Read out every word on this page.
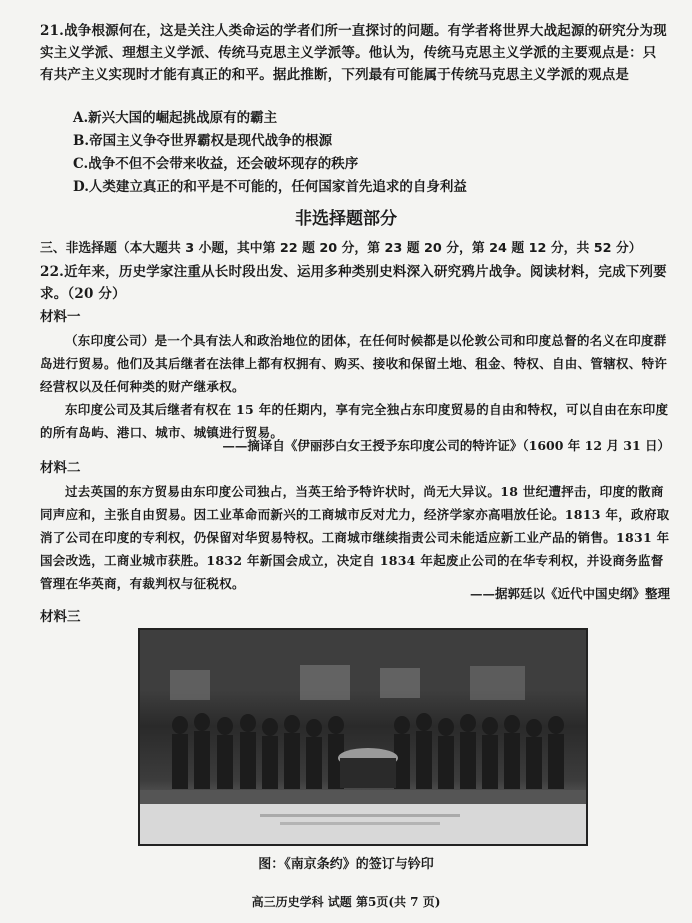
21.战争根源何在，这是关注人类命运的学者们所一直探讨的问题。有学者将世界大战起源的研究分为现实主义学派、理想主义学派、传统马克思主义学派等。他认为，传统马克思主义学派的主要观点是：只有共产主义实现时才能有真正的和平。据此推断，下列最有可能属于传统马克思主义学派的观点是
A.新兴大国的崛起挑战原有的霸主
B.帝国主义争夺世界霸权是现代战争的根源
C.战争不但不会带来收益，还会破坏现存的秩序
D.人类建立真正的和平是不可能的，任何国家首先追求的自身利益
非选择题部分
三、非选择题（本大题共 3 小题，其中第 22 题 20 分，第 23 题 20 分，第 24 题 12 分，共 52 分）
22.近年来，历史学家注重从长时段出发、运用多种类别史料深入研究鸦片战争。阅读材料，完成下列要求。（20 分）
材料一
（东印度公司）是一个具有法人和政治地位的团体，在任何时候都是以伦敦公司和印度总督的名义在印度群岛进行贸易。他们及其后继者在法律上都有权拥有、购买、接收和保留土地、租金、特权、自由、管辖权、特许经营权以及任何种类的财产继承权。
东印度公司及其后继者有权在 15 年的任期内，享有完全独占东印度贸易的自由和特权，可以自由在东印度的所有岛屿、港口、城市、城镇进行贸易。
——摘译自《伊丽莎白女王授予东印度公司的特许证》（1600 年 12 月 31 日）
材料二
过去英国的东方贸易由东印度公司独占，当英王给予特许状时，尚无大异议。18 世纪遭抨击，印度的散商同声应和，主张自由贸易。因工业革命而新兴的工商城市反对尤力，经济学家亦高唱放任论。1813 年，政府取消了公司在印度的专利权，仍保留对华贸易特权。工商城市继续指责公司未能适应新工业产品的销售。1831 年国会改选，工商业城市获胜。1832 年新国会成立，决定自 1834 年起废止公司的在华专利权，并设商务监督管理在华英商，有裁判权与征税权。
——据郭廷以《近代中国史纲》整理
材料三
图：《南京条约》的签订与钤印
高三历史学科 试题 第5页(共 7 页)
